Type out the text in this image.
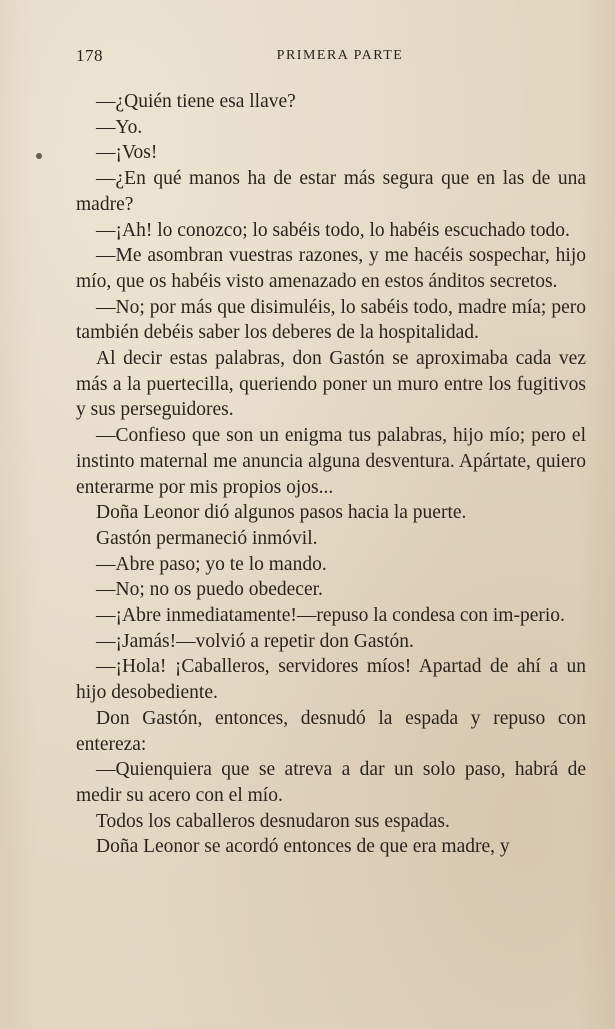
178	PRIMERA PARTE

—¿Quién tiene esa llave?

—Yo.

—¡Vos!

—¿En qué manos ha de estar más segura que en las de una madre?

—¡Ah! lo conozco; lo sabéis todo, lo habéis escuchado todo.

—Me asombran vuestras razones, y me hacéis sospechar, hijo mío, que os habéis visto amenazado en estos ánditos secretos.

—No; por más que disimuléis, lo sabéis todo, madre mía; pero también debéis saber los deberes de la hospitalidad.

Al decir estas palabras, don Gastón se aproximaba cada vez más a la puertecilla, queriendo poner un muro entre los fugitivos y sus perseguidores.

—Confieso que son un enigma tus palabras, hijo mío; pero el instinto maternal me anuncia alguna desventura. Apártate, quiero enterarme por mis propios ojos...

Doña Leonor dió algunos pasos hacia la puerte.

Gastón permaneció inmóvil.

—Abre paso; yo te lo mando.

—No; no os puedo obedecer.

—¡Abre inmediatamente!—repuso la condesa con im-perio.

—¡Jamás!—volvió a repetir don Gastón.

—¡Hola! ¡Caballeros, servidores míos! Apartad de ahí a un hijo desobediente.

Don Gastón, entonces, desnudó la espada y repuso con entereza:

—Quienquiera que se atreva a dar un solo paso, habrá de medir su acero con el mío.

Todos los caballeros desnudaron sus espadas.

Doña Leonor se acordó entonces de que era madre, y
